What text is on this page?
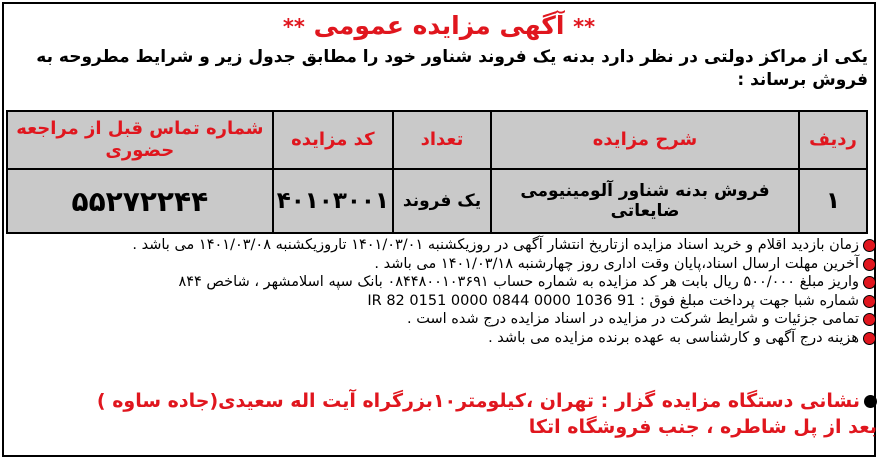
** آگهی مزایده عمومی **
یکی از مراکز دولتی در نظر دارد بدنه یک فروند شناور خود را مطابق جدول زیر و شرایط مطروحه به فروش برساند :
ردیف	شرح مزایده	تعداد	کد مزایده	شماره تماس قبل از مراجعه حضوری
۱	فروش بدنه شناور آلومینیومی ضایعاتی	یک فروند	۴۰۱۰۳۰۰۱	۵۵۲۷۲۲۴۴
زمان بازدید اقلام و خرید اسناد مزایده ازتاریخ انتشار آگهی در روزیکشنبه ۱۴۰۱/۰۳/۰۱ تاروزیکشنبه ۱۴۰۱/۰۳/۰۸ می باشد .
آخرین مهلت ارسال اسناد،پایان وقت اداری روز چهارشنبه ۱۴۰۱/۰۳/۱۸ می باشد .
واریز مبلغ ۵۰۰/۰۰۰ ریال بابت هر کد مزایده به شماره حساب ۰۸۴۴۸۰۰۱۰۳۶۹۱ بانک سپه اسلامشهر ، شاخص ۸۴۴
شماره شبا جهت پرداخت مبلغ فوق : IR 82 0151 0000 0844 0000 1036 91
تمامی جزئیات و شرایط شرکت در مزایده در اسناد مزایده درج شده است .
هزینه درج آگهی و کارشناسی به عهده برنده مزایده می باشد .
نشانی دستگاه مزایده گزار : تهران ،کیلومتر۱۰بزرگراه آیت اله سعیدی(جاده ساوه )
بعد از پل شاطره ، جنب فروشگاه اتکا
